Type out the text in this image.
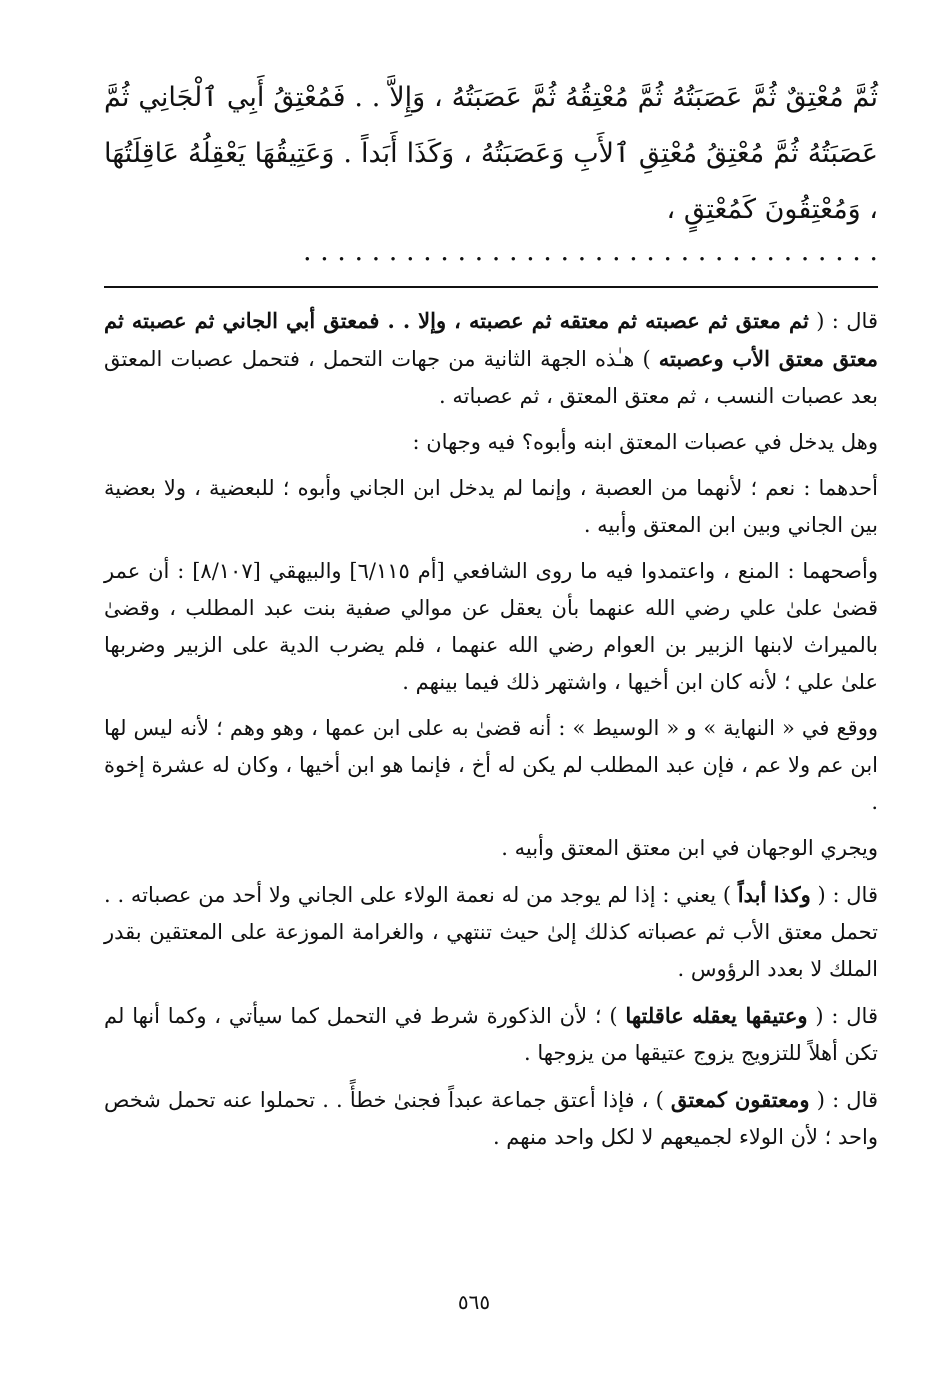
ثُمَّ مُعْتِقٌ ثُمَّ عَصَبَتُهُ ثُمَّ مُعْتِقُهُ ثُمَّ عَصَبَتُهُ ، وَإِلاَّ . . فَمُعْتِقُ أَبِي ٱلْجَانِي ثُمَّ عَصَبَتُهُ ثُمَّ مُعْتِقُ مُعْتِقِ ٱلأَبِ وَعَصَبَتُهُ ، وَكَذَا أَبَداً . وَعَتِيقُهَا يَعْقِلُهُ عَاقِلَتُهَا ، وَمُعْتِقُونَ كَمُعْتِقٍ ،

. . . . . . . . . . . . . . . . . . . . . . . . . . . . . . . . . .

قال : ( ثم معتق ثم عصبته ثم معتقه ثم عصبته ، وإلا . . فمعتق أبي الجاني ثم عصبته ثم معتق معتق الأب وعصبته ) هـٰذه الجهة الثانية من جهات التحمل ، فتحمل عصبات المعتق بعد عصبات النسب ، ثم معتق المعتق ، ثم عصباته .

وهل يدخل في عصبات المعتق ابنه وأبوه؟ فيه وجهان :

أحدهما : نعم ؛ لأنهما من العصبة ، وإنما لم يدخل ابن الجاني وأبوه ؛ للبعضية ، ولا بعضية بين الجاني وبين ابن المعتق وأبيه .

وأصحهما : المنع ، واعتمدوا فيه ما روى الشافعي [أم ٦/١١٥] والبيهقي [٨/١٠٧] : أن عمر قضىٰ علىٰ علي رضي الله عنهما بأن يعقل عن موالي صفية بنت عبد المطلب ، وقضىٰ بالميراث لابنها الزبير بن العوام رضي الله عنهما ، فلم يضرب الدية على الزبير وضربها علىٰ علي ؛ لأنه كان ابن أخيها ، واشتهر ذلك فيما بينهم .

ووقع في « النهاية » و « الوسيط » : أنه قضىٰ به على ابن عمها ، وهو وهم ؛ لأنه ليس لها ابن عم ولا عم ، فإن عبد المطلب لم يكن له أخ ، فإنما هو ابن أخيها ، وكان له عشرة إخوة .

ويجري الوجهان في ابن معتق المعتق وأبيه .

قال : ( وكذا أبداً ) يعني : إذا لم يوجد من له نعمة الولاء على الجاني ولا أحد من عصباته . . تحمل معتق الأب ثم عصباته كذلك إلىٰ حيث تنتهي ، والغرامة الموزعة على المعتقين بقدر الملك لا بعدد الرؤوس .

قال : ( وعتيقها يعقله عاقلتها ) ؛ لأن الذكورة شرط في التحمل كما سيأتي ، وكما أنها لم تكن أهلاً للتزويج يزوج عتيقها من يزوجها .

قال : ( ومعتقون كمعتق ) ، فإذا أعتق جماعة عبداً فجنىٰ خطأً . . تحملوا عنه تحمل شخص واحد ؛ لأن الولاء لجميعهم لا لكل واحد منهم .

٥٦٥
